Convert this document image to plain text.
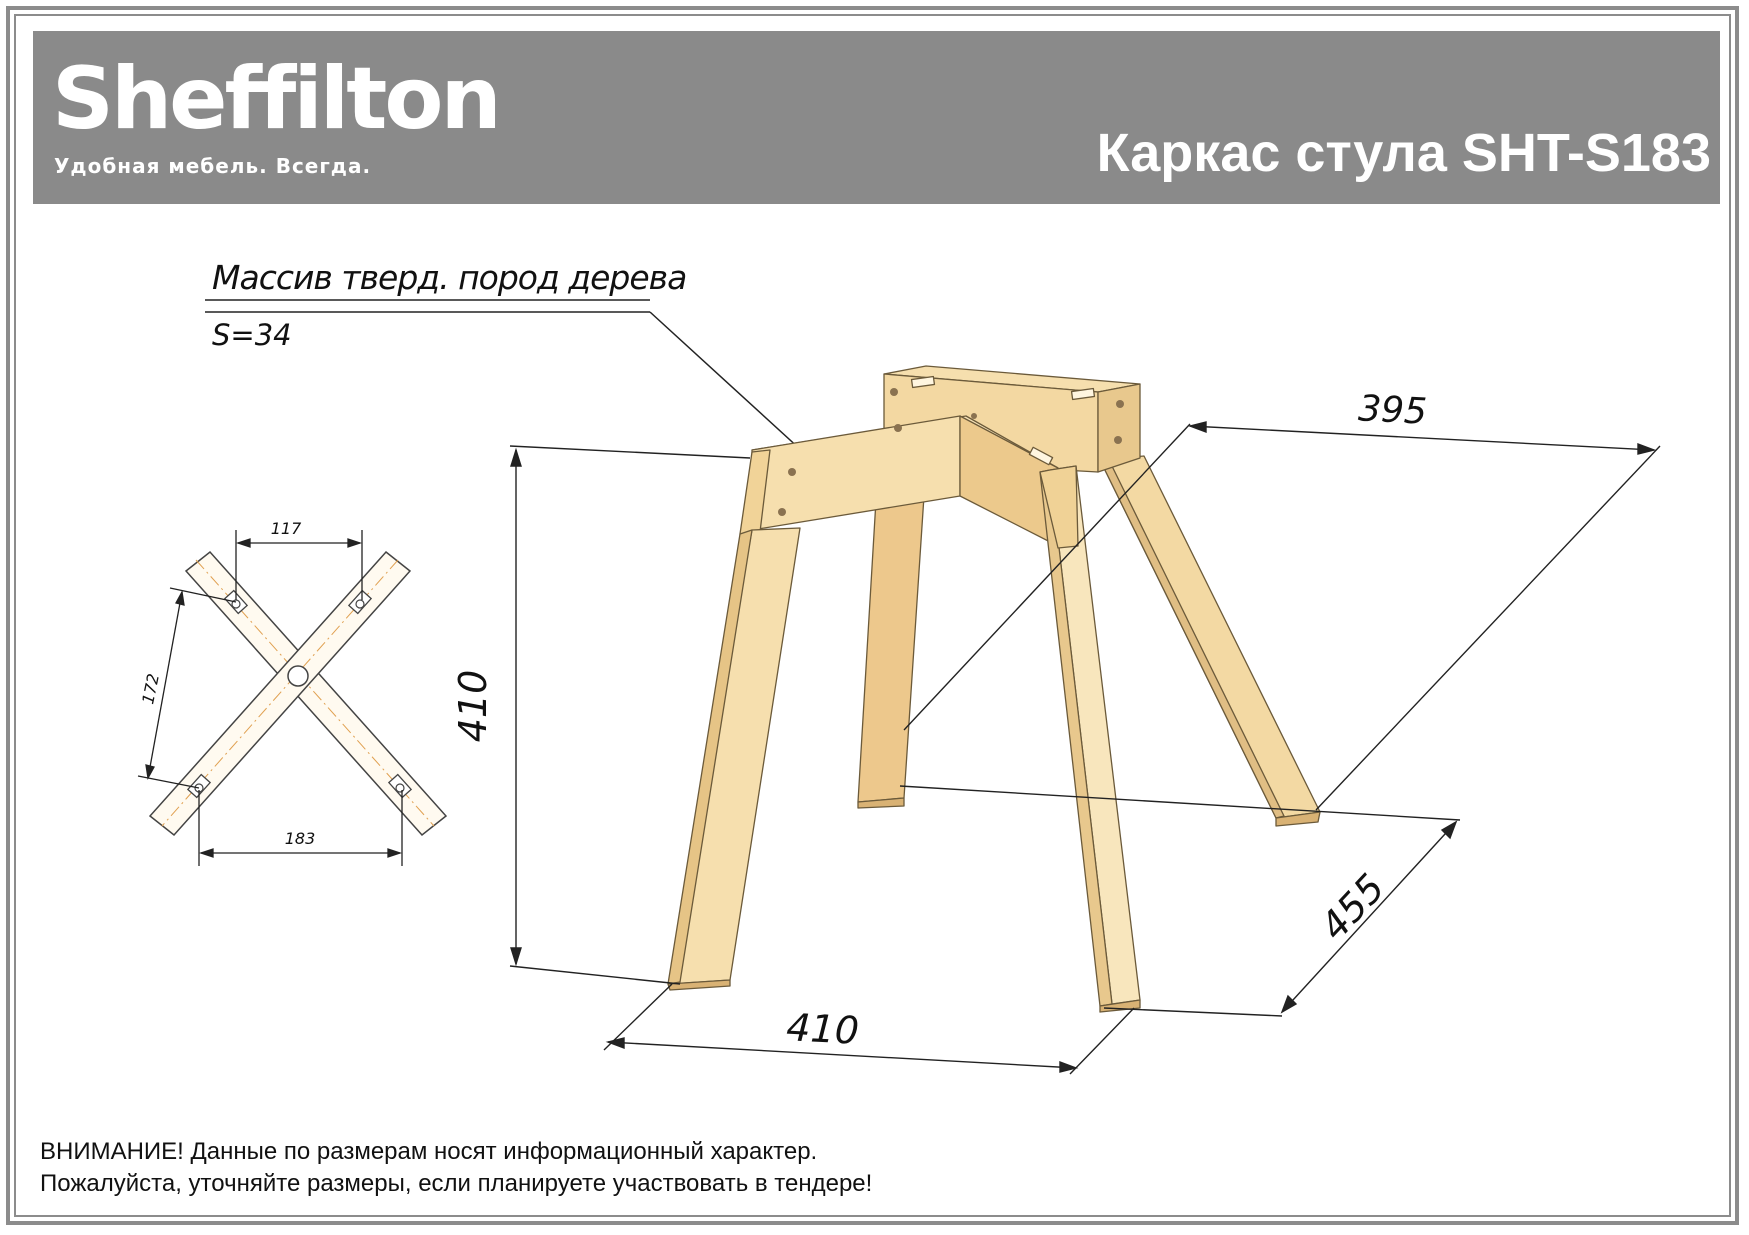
Sheffilton
Удобная мебель. Всегда.	Каркас стула SHT-S183
117
172
183
410
410
455
395
Массив тверд. пород дерева
S=34
ВНИМАНИЕ! Данные по размерам носят информационный характер.
Пожалуйста, уточняйте размеры, если планируете участвовать в тендере!
